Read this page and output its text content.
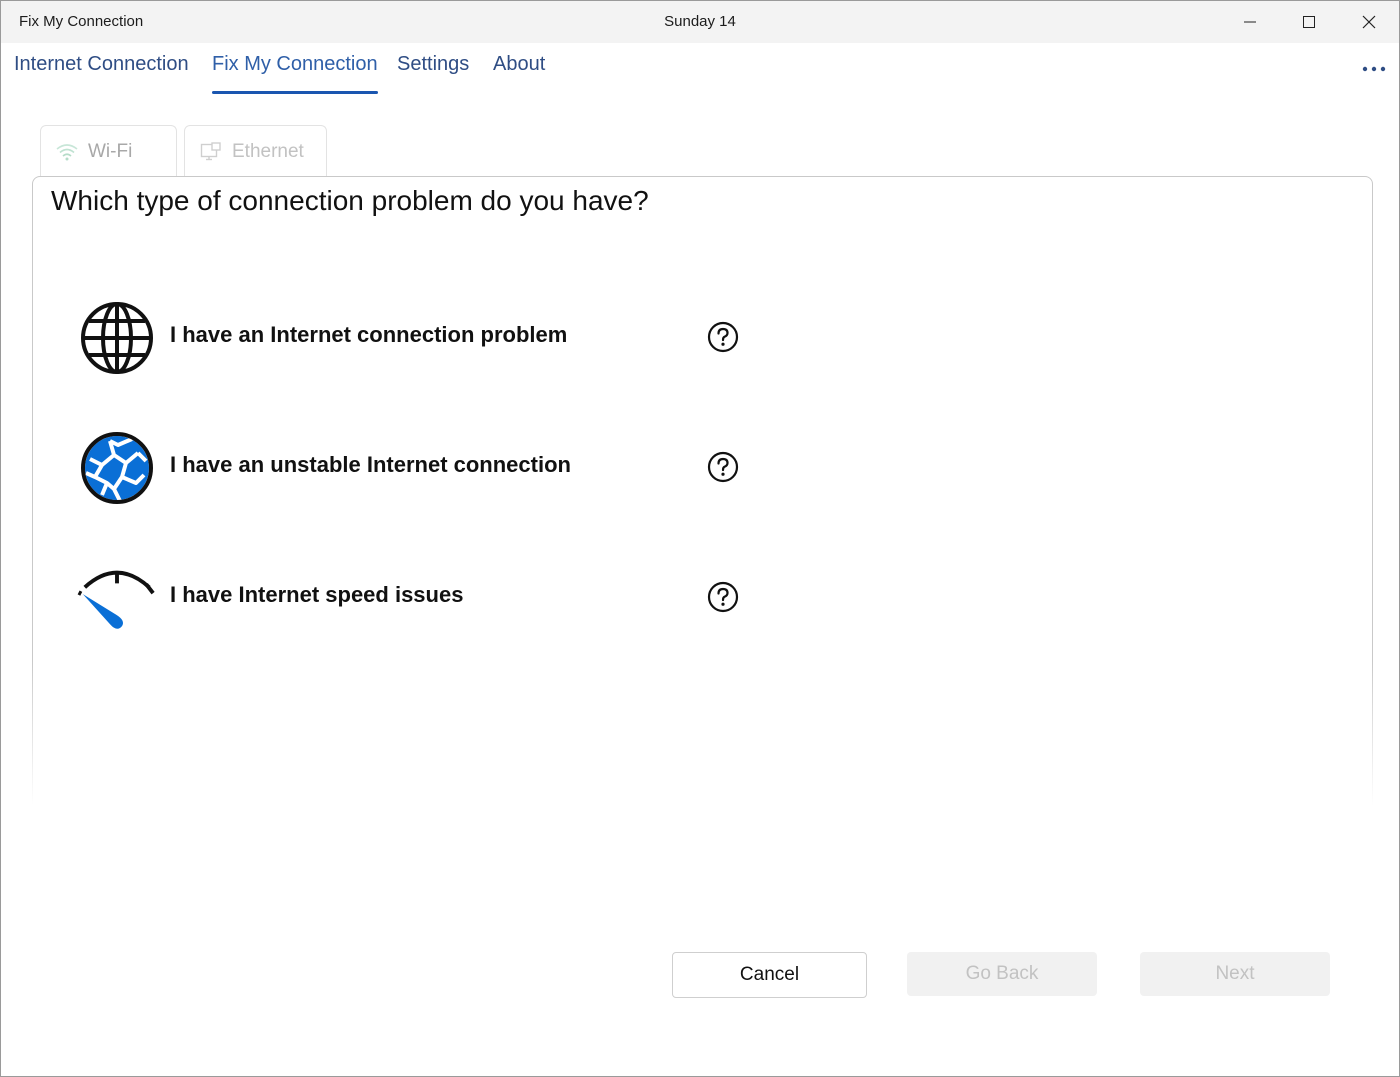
Fix My Connection	Sunday 14
Internet Connection Fix My Connection Settings About
Wi-Fi	Ethernet
Which type of connection problem do you have?
I have an Internet connection problem
I have an unstable Internet connection
I have Internet speed issues
Cancel	Go Back	Next
